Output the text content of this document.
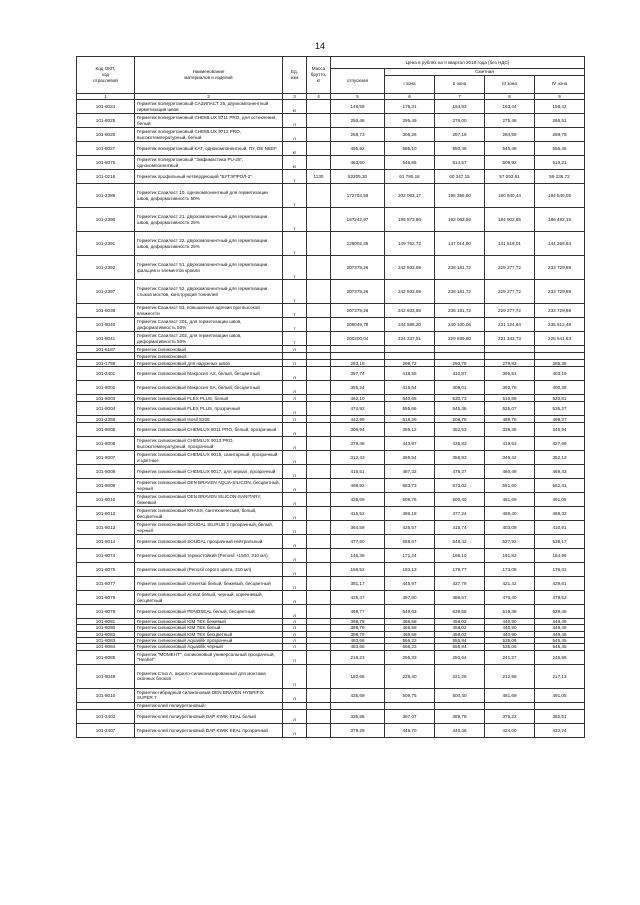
14
Код ОКП,
код
отраслевой	Наименование
материалов и изделий	Ед.
изм	Масса
брутто,
кг	Цена в рублях на II квартал 2018 года (без НДС)				
				отпускная	Сметная			
					I зона	II зона	III зона	IV зона

1	2	3	4	5	6	7	8	9
101-8024	Герметик полиуретановый САЗИЛАСТ 25, двухкомпонентный герметизация швов	кг		148,59	175,31	164,93	163,44	158,42
101-8025	Герметик полиуретановый CHEMLUX 9711 PRO, для остекления, белый	л		250,48	295,49	278,00	275,48	266,51
101-8026	Герметик полиуретановый CHEMLUX 9712 PRO, высокотемпературный, белый	л		258,73	305,26	287,19	284,59	289,78
101-8027	Герметик полиуретановый KAT, однокомпонентный, ПУ, DE NEEF	кг		495,92	585,10	550,46	545,48	555,45
101-8076	Герметик полиуретановый "Эмфимастика PU-25", однокомпонентный	кг		463,50	546,85	514,57	509,92	519,21
101-0216	Герметик профильный нетвердеющий "БУТЭПРОЛ-2"	т	1130	52205,30	61 790,18	60 347,15	57 093,61	59 236,72
101-2389	Герметик Сазиласт 10, однокомпонентный для герметизации швов, деформативность 50%	т		172703,59	202 063,17	195 355,60	190 940,44	194 546,05
101-2390	Герметик Сазиласт 21, двухкомпонентный для герметизации швов, деформативность 25%	т		167242,97	195 573,86	192 063,56	184 902,65	186 492,15
101-2391	Герметик Сазиласт 22, двухкомпонентный для герметизации швов, деформативность 25%	т		126002,35	149 762,72	147 014,80	141 518,01	144 266,64
101-2392	Герметик Сазиласт 51, двухкомпонентный для герметизации фальцев и элементов кровли	т		207379,26	242 933,69	238 181,72	229 277,72	233 729,69
101-2397	Герметик Сазиласт 52, двухкомпонентный для герметизации стыков мостов, конструкций тоннелей	т		207379,26	242 933,69	238 181,72	229 277,72	233 729,69
101-8039	Герметик Сазиласт 53, повышенная адгезия при высокой влажности	т		207379,26	242 933,69	238 181,72	229 277,72	233 729,69
101-8040	Герметик Сазиласт 201, для герметизации швов, деформативность 50%	т		209049,78	244 588,20	240 100,06	231 124,64	235 612,48
101-8041	Герметик Сазиласт 202, для герметизации швов, деформативность 50%	т		200200,04	234 237,51	229 939,60	221 343,73	225 641,63
101-6187	Герметик силиконовый	л						
	Герметик силиконовый:							
101-1759	Герметик силиконовый для наружных швов	л		253,18	298,72	290,79	279,82	285,35
101-2401	Герметик силиконовый Макросил АХ, белый, бесцветный	л		357,74	418,55	410,87	395,51	403,19
101-8002	Герметик силиконовый Макросил SA, белый, бесцветный	л		355,24	415,64	408,01	392,76	400,38
101-8003	Герметик силиконовый FLEX PLUS, белый	л		462,10	540,65	530,73	510,89	520,81
101-8004	Герметик силиконовый FLEX PLUS, прозрачный	л		474,92	555,66	545,46	525,07	535,27
101-2358	Герметик силиконовый Isosil S206	л		442,99	518,29	508,78	489,76	499,27
101-8005	Герметик силиконовый CHEMLUX 9011 PRO, белый, прозрачный	л		306,94	359,12	352,53	339,35	345,94
101-8006	Герметик силиконовый CHEMLUX 9013 PRO, высокотемпературный, прозрачный	л		379,46	443,97	435,83	419,53	427,68
101-8007	Герметик силиконовый CHEMLUX 9015, санитарный, прозрачный и цветные	л		312,43	365,54	358,83	345,42	352,13
101-8008	Герметик силиконовый CHEMLUX 9017, для зеркал, прозрачный	л		416,51	487,32	478,37	460,49	469,43
101-8009	Герметик силиконовый DEN BRAVEN AQUA-SILICON, бесцветный, черный	л		498,92	583,73	573,02	551,60	562,31
101-8010	Герметик силиконовый DEN BRAVEN SILICON-SANITARY, бежевый	л		435,69	509,76	500,40	481,69	491,05
101-8012	Герметик силиконовый KRASS, сантехнический, белый, бесцветный	л		415,52	486,18	477,24	459,40	468,32
101-8013	Герметик силиконовый SOUDAL SILIRUB 2 прозрачный, белый, черный	л		364,59	426,57	418,74	403,09	410,91
101-8014	Герметик силиконовый SOUDAL прозрачный нейтральный	л		477,50	558,67	548,42	527,92	538,17
101-8074	Герметик силиконовый термостойкий (Penosil +1500, 310 мл)	л		146,36	171,24	168,10	161,82	164,96
101-8075	Герметик силиконовый (Penosil серого цвета, 310 мл)	л		156,52	183,13	179,77	173,05	176,41
101-8077	Герметик силиконовый Universal белый, бежевый, бесцветный	л		381,17	445,97	437,79	421,42	429,61
101-8078	Герметик силиконовый Acetat белый, черный, коричневый, бесцветный	л		425,47	497,80	488,67	470,40	479,53
101-8079	Герметик силиконовый PENOSEAL белый, бесцветный	л		469,77	549,63	539,55	519,38	529,46
101-8081	Герметик силиконовый KIM TEK бежевый	л		398,79	466,58	458,02	440,90	449,46
101-8080	Герметик силиконовый KIM TEK белый	л		398,79	466,58	458,02	440,90	449,46
101-8082	Герметик силиконовый KIM TEK бесцветный	л		398,79	466,58	458,02	440,90	449,46
101-8083	Герметик силиконовый Aquasilik прозрачный	л		483,66	566,23	555,84	535,06	545,45
101-8084	Герметик силиконовый Aquasilik черный	л		483,66	566,23	555,84	535,06	545,45
101-8085	Герметик "МОМЕНТ", силиконовый универсальный прозрачный, "Henkel"	л		218,23	255,33	250,64	241,27	245,96
101-8048	Герметик Стиз А, акрило-силиконизированный для монтажа оконных блоков	л		182,65	225,40	221,26	212,99	217,13
101-8010	Герметик-гибридный силиконовый DEN BRAVEN HYBRIFIX SUPER 7	л		435,69	509,75	500,40	481,69	491,05
	Герметик-клей полиуретановый:							
101-2402	Герметик-клей полиуретановый DAP KWIK SEAL белый	л		335,85	397,07	389,78	375,22	382,51
101-2407	Герметик-клей полиуретановый DAP KWIK SEAL прозрачный	л		379,29	446,70	440,46	424,00	432,24
